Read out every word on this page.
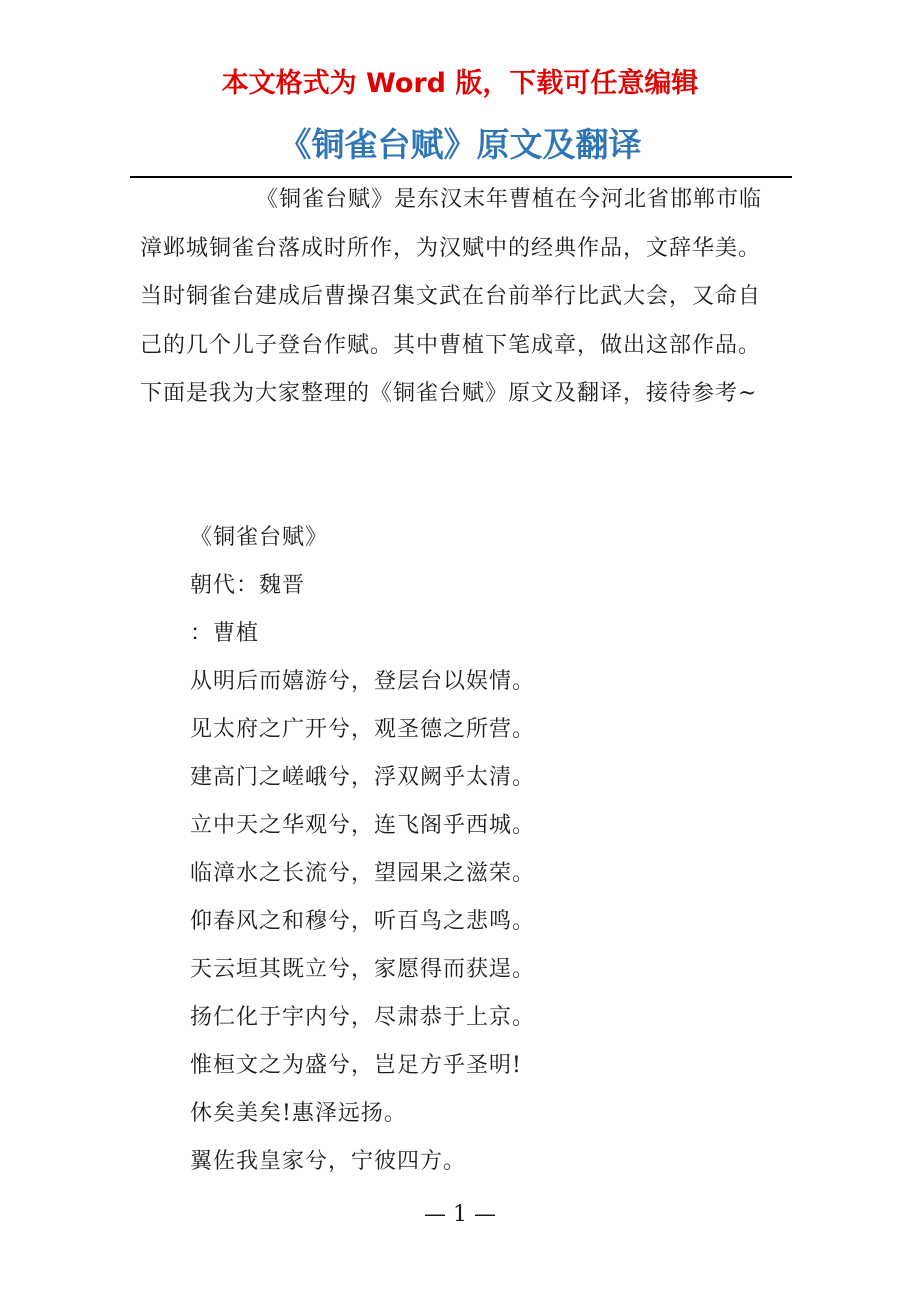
本文格式为 Word 版，下载可任意编辑
《铜雀台赋》原文及翻译

《铜雀台赋》是东汉末年曹植在今河北省邯郸市临漳邺城铜雀台落成时所作，为汉赋中的经典作品，文辞华美。当时铜雀台建成后曹操召集文武在台前举行比武大会，又命自己的几个儿子登台作赋。其中曹植下笔成章，做出这部作品。下面是我为大家整理的《铜雀台赋》原文及翻译，接待参考~

《铜雀台赋》
朝代：魏晋
：曹植
从明后而嬉游兮，登层台以娱情。
见太府之广开兮，观圣德之所营。
建高门之嵯峨兮，浮双阙乎太清。
立中天之华观兮，连飞阁乎西城。
临漳水之长流兮，望园果之滋荣。
仰春风之和穆兮，听百鸟之悲鸣。
天云垣其既立兮，家愿得而获逞。
扬仁化于宇内兮，尽肃恭于上京。
惟桓文之为盛兮，岂足方乎圣明!
休矣美矣!惠泽远扬。
翼佐我皇家兮，宁彼四方。
— 1 —
